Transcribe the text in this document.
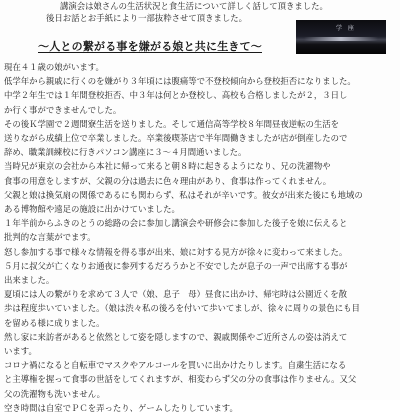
講演会は娘さんの生活状況と食生活について詳しく話して頂きました。
後日お話とお手紙により一部抜粋させて頂きました。
～人との繋がる事を嫌がる娘と共に生きて～
学 座
現在４１歳の娘がいます。
低学年から親戚に行くのを嫌がり３年頃には腹痛等で不登校傾向から登校拒否になりました。
中学２年生では１年間登校拒否、中３年は何とか登校し、高校も合格しましたが２，３日し
か行く事ができませんでした。
その後Ｋ学園で２週間寮生活を送りました。そして通信高等学校８年間昼夜逆転の生活を
送りながら成績上位で卒業しました。卒業後喫茶店で半年間働きましたが店が倒産したので
辞め、職業訓練校に行きパソコン講座に３～４月間通いました。
当時兄が東京の会社から本社に帰って来ると朝８時に起きるようになり、兄の洗濯物や
食事の用意をしますが、父親の分は過去に色々理由があり、食事は作ってくれません。
父親と娘は換気扇の関係であるにも関わらず、私はそれが辛いです。彼女が出来た後にも地域の
ある博物館や遠足の施設に出かけていました。
１年半前からふきのとうの総路の会に参加し講演会や研修会に参加した後子を娘に伝えると
批判的な言葉がでます。
怒し参加する事で様々な情報を得る事が出来、娘に対する見方が徐々に変わって来ました。
５月に叔父が亡くなりお通夜に参列するだろうかと不安でしたが息子の一声で出席する事が
出来ました。
夏頃には人の繋がりを求めて３人で（娘、息子　母）昼食に出かけ、帰宅時は公園近くを散
歩は程度歩いていました。（娘は渋々私の後ろを付いて歩いてましが、徐々に周りの景色にも目
を留める様に成りました。
然し家に来訪者があると依然として姿を隠しますので、親戚関係やご近所さんの姿は消えて
います。
コロナ禍になると自転車でマスクやアルコールを買いに出かけたりします。自粛生活になる
と主導権を握って食事の世話をしてくれますが、相変わらず父の分の食事は作りません。又父
父の洗濯物も洗いません。
空き時間は自室でＰＣを弄ったり、ゲームしたりしています。
